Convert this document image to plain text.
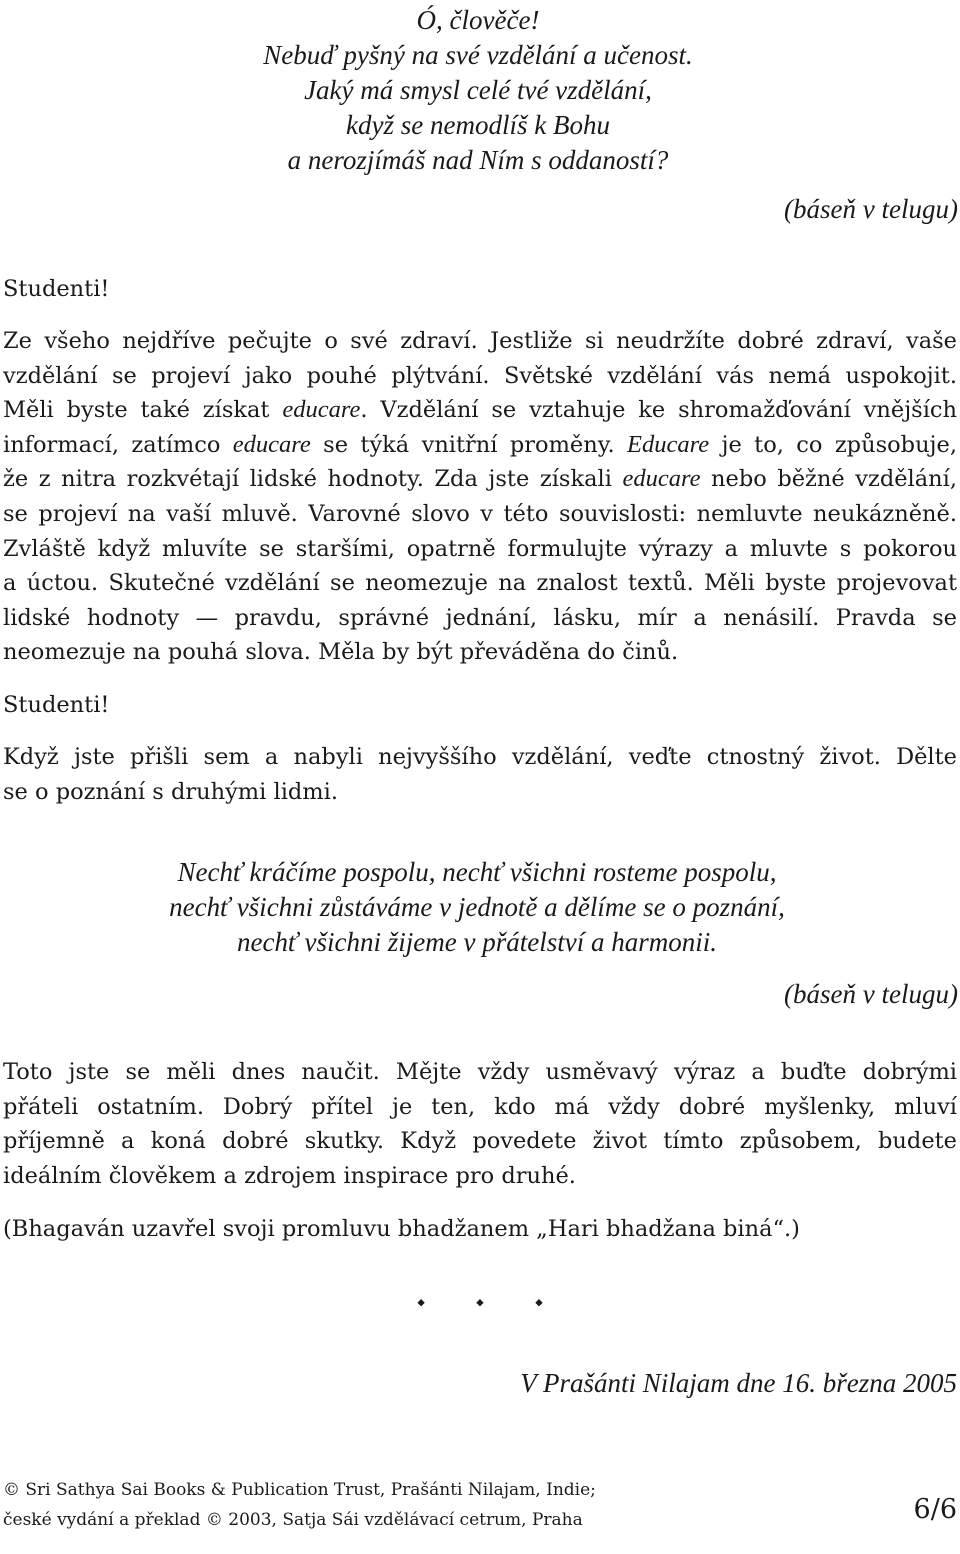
Ó, člověče!
Nebuď pyšný na své vzdělání a učenost.
Jaký má smysl celé tvé vzdělání,
když se nemodlíš k Bohu
a nerozjímáš nad Ním s oddaností?
(báseň v telugu)
Studenti!
Ze všeho nejdříve pečujte o své zdraví. Jestliže si neudržíte dobré zdraví, vaše
vzdělání se projeví jako pouhé plýtvání. Světské vzdělání vás nemá uspokojit.
Měli byste také získat educare. Vzdělání se vztahuje ke shromažďování vnějších
informací, zatímco educare se týká vnitřní proměny. Educare je to, co způsobuje,
že z nitra rozkvétají lidské hodnoty. Zda jste získali educare nebo běžné vzdělání,
se projeví na vaší mluvě. Varovné slovo v této souvislosti: nemluvte neukázněně.
Zvláště když mluvíte se staršími, opatrně formulujte výrazy a mluvte s pokorou
a úctou. Skutečné vzdělání se neomezuje na znalost textů. Měli byste projevovat
lidské hodnoty — pravdu, správné jednání, lásku, mír a nenásilí. Pravda se
neomezuje na pouhá slova. Měla by být převáděna do činů.
Studenti!
Když jste přišli sem a nabyli nejvyššího vzdělání, veďte ctnostný život. Dělte
se o poznání s druhými lidmi.
Nechť kráčíme pospolu, nechť všichni rosteme pospolu,
nechť všichni zůstáváme v jednotě a dělíme se o poznání,
nechť všichni žijeme v přátelství a harmonii.
(báseň v telugu)
Toto jste se měli dnes naučit. Mějte vždy usměvavý výraz a buďte dobrými
přáteli ostatním. Dobrý přítel je ten, kdo má vždy dobré myšlenky, mluví
příjemně a koná dobré skutky. Když povedete život tímto způsobem, budete
ideálním člověkem a zdrojem inspirace pro druhé.
(Bhagaván uzavřel svoji promluvu bhadžanem „Hari bhadžana biná“.)
⬩ ⬩ ⬩
V Prašánti Nilajam dne 16. března 2005
© Sri Sathya Sai Books & Publication Trust, Prašánti Nilajam, Indie;
české vydání a překlad © 2003, Satja Sái vzdělávací cetrum, Praha	6/6
